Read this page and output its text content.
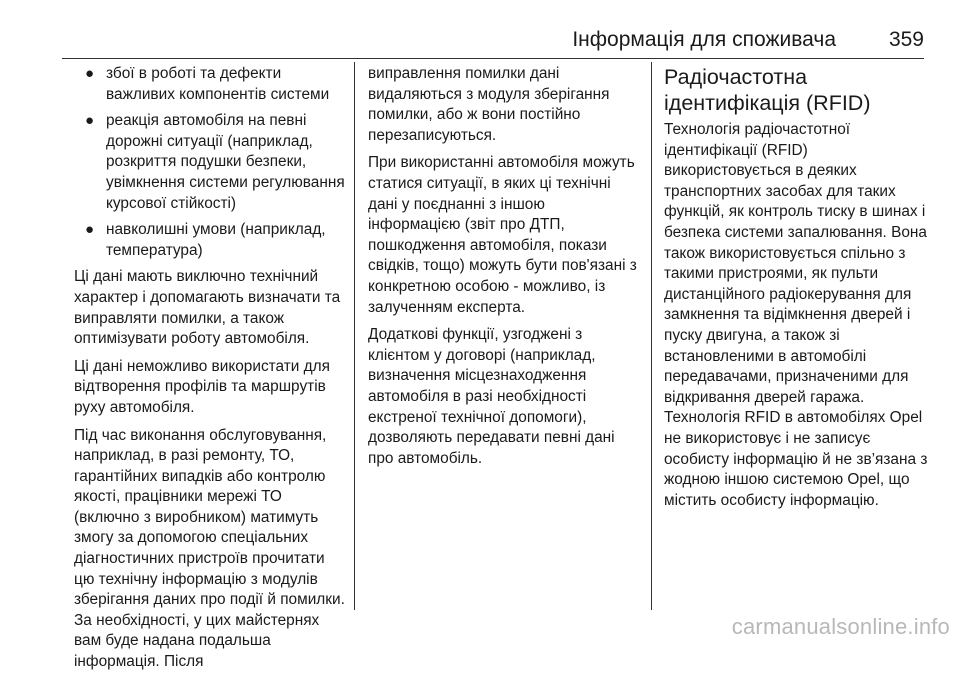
Інформація для споживача	359
● збої в роботі та дефекти важливих компонентів системи
● реакція автомобіля на певні дорожні ситуації (наприклад, розкриття подушки безпеки, увімкнення системи регулювання курсової стійкості)
● навколишні умови (наприклад, температура)

Ці дані мають виключно технічний характер і допомагають визначати та виправляти помилки, а також оптимізувати роботу автомобіля.

Ці дані неможливо використати для відтворення профілів та маршрутів руху автомобіля.

Під час виконання обслуговування, наприклад, в разі ремонту, ТО, гарантійних випадків або контролю якості, працівники мережі ТО (включно з виробником) матимуть змогу за допомогою спеціальних діагностичних пристроїв прочитати цю технічну інформацію з модулів зберігання даних про події й помилки. За необхідності, у цих майстернях вам буде надана подальша інформація. Після

виправлення помилки дані видаляються з модуля зберігання помилки, або ж вони постійно перезаписуються.

При використанні автомобіля можуть статися ситуації, в яких ці технічні дані у поєднанні з іншою інформацією (звіт про ДТП, пошкодження автомобіля, покази свідків, тощо) можуть бути пов'язані з конкретною особою - можливо, із залученням експерта.

Додаткові функції, узгоджені з клієнтом у договорі (наприклад, визначення місцезнаходження автомобіля в разі необхідності екстреної технічної допомоги), дозволяють передавати певні дані про автомобіль.

Радіочастотна ідентифікація (RFID)

Технологія радіочастотної ідентифікації (RFID) використовується в деяких транспортних засобах для таких функцій, як контроль тиску в шинах і безпека системи запалювання. Вона також використовується спільно з такими пристроями, як пульти дистанційного радіокерування для замкнення та відімкнення дверей і пуску двигуна, а також зі встановленими в автомобілі передавачами, призначеними для відкривання дверей гаража. Технологія RFID в автомобілях Opel не використовує і не записує особисту інформацію й не зв’язана з жодною іншою системою Opel, що містить особисту інформацію.

carmanualsonline.info
